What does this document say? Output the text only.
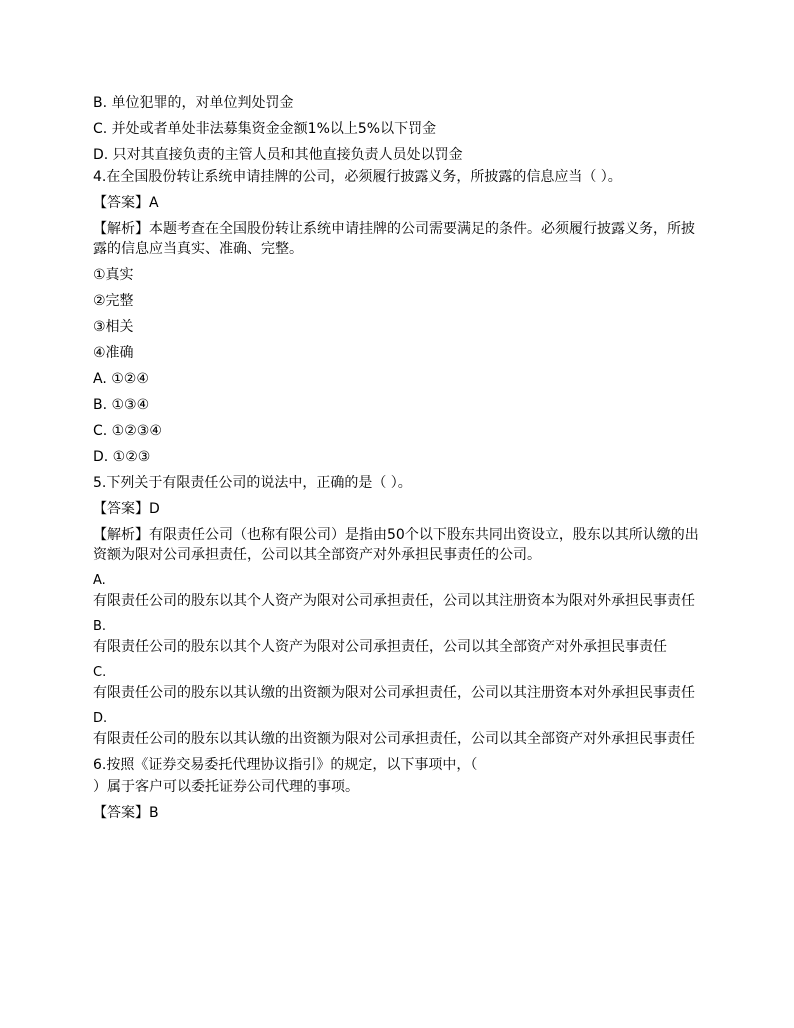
B. 单位犯罪的，对单位判处罚金
C. 并处或者单处非法募集资金金额1%以上5%以下罚金
D. 只对其直接负责的主管人员和其他直接负责人员处以罚金
4.在全国股份转让系统申请挂牌的公司，必须履行披露义务，所披露的信息应当（ ）。
【答案】A
【解析】本题考查在全国股份转让系统申请挂牌的公司需要满足的条件。必须履行披露义务，所披露的信息应当真实、准确、完整。
①真实
②完整
③相关
④准确
A. ①②④
B. ①③④
C. ①②③④
D. ①②③
5.下列关于有限责任公司的说法中，正确的是（ ）。
【答案】D
【解析】有限责任公司（也称有限公司）是指由50个以下股东共同出资设立，股东以其所认缴的出资额为限对公司承担责任，公司以其全部资产对外承担民事责任的公司。
A.
有限责任公司的股东以其个人资产为限对公司承担责任，公司以其注册资本为限对外承担民事责任
B.
有限责任公司的股东以其个人资产为限对公司承担责任，公司以其全部资产对外承担民事责任
C.
有限责任公司的股东以其认缴的出资额为限对公司承担责任，公司以其注册资本对外承担民事责任
D.
有限责任公司的股东以其认缴的出资额为限对公司承担责任，公司以其全部资产对外承担民事责任
6.按照《证券交易委托代理协议指引》的规定，以下事项中，（
）属于客户可以委托证券公司代理的事项。
【答案】B
